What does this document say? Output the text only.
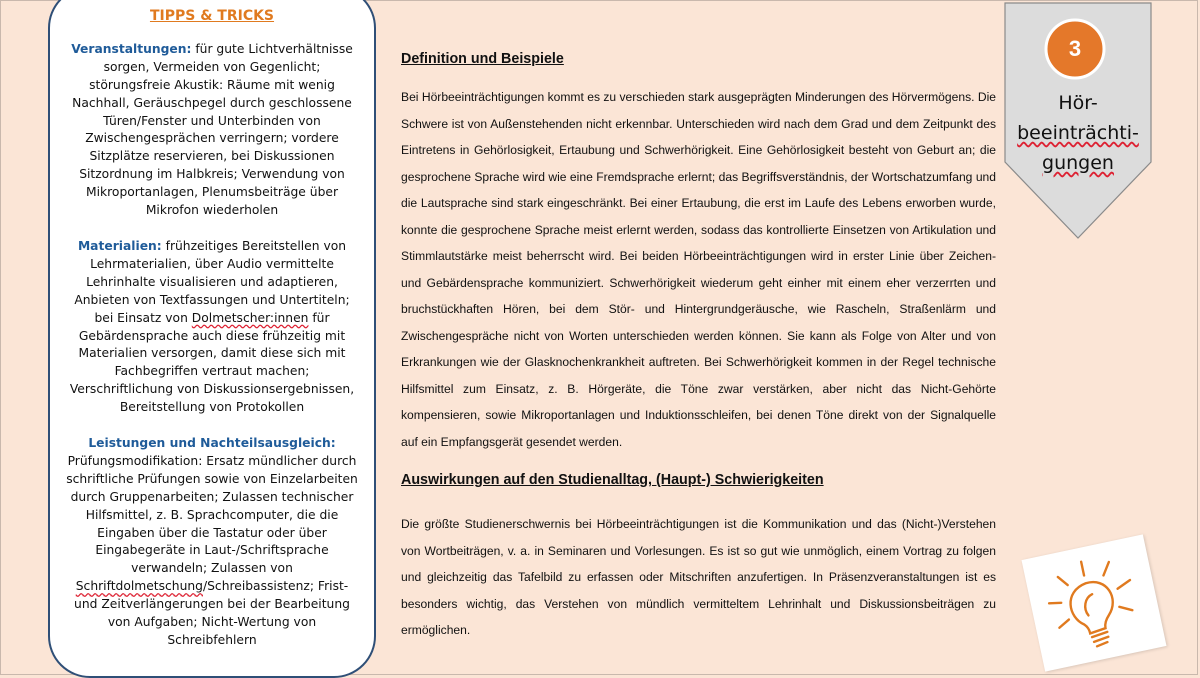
TIPPS & TRICKS

Veranstaltungen: für gute Lichtverhältnisse sorgen, Vermeiden von Gegenlicht; störungsfreie Akustik: Räume mit wenig Nachhall, Geräuschpegel durch geschlossene Türen/Fenster und Unterbinden von Zwischengesprächen verringern; vordere Sitzplätze reservieren, bei Diskussionen Sitzordnung im Halbkreis; Verwendung von Mikroportanlagen, Plenumsbeiträge über Mikrofon wiederholen

Materialien: frühzeitiges Bereitstellen von Lehrmaterialien, über Audio vermittelte Lehrinhalte visualisieren und adaptieren, Anbieten von Textfassungen und Untertiteln; bei Einsatz von Dolmetscher:innen für Gebärdensprache auch diese frühzeitig mit Materialien versorgen, damit diese sich mit Fachbegriffen vertraut machen; Verschriftlichung von Diskussionsergebnissen, Bereitstellung von Protokollen

Leistungen und Nachteilsausgleich:
Prüfungsmodifikation: Ersatz mündlicher durch schriftliche Prüfungen sowie von Einzelarbeiten durch Gruppenarbeiten; Zulassen technischer Hilfsmittel, z. B. Sprachcomputer, die die Eingaben über die Tastatur oder über Eingabegeräte in Laut-/Schriftsprache verwandeln; Zulassen von Schriftdolmetschung/Schreibassistenz; Frist- und Zeitverlängerungen bei der Bearbeitung von Aufgaben; Nicht-Wertung von Schreibfehlern

Definition und Beispiele

Bei Hörbeeinträchtigungen kommt es zu verschieden stark ausgeprägten Minderungen des Hörvermögens. Die Schwere ist von Außenstehenden nicht erkennbar. Unterschieden wird nach dem Grad und dem Zeitpunkt des Eintretens in Gehörlosigkeit, Ertaubung und Schwerhörigkeit. Eine Gehörlosigkeit besteht von Geburt an; die gesprochene Sprache wird wie eine Fremdsprache erlernt; das Begriffsverständnis, der Wortschatzumfang und die Lautsprache sind stark eingeschränkt. Bei einer Ertaubung, die erst im Laufe des Lebens erworben wurde, konnte die gesprochene Sprache meist erlernt werden, sodass das kontrollierte Einsetzen von Artikulation und Stimmlautstärke meist beherrscht wird. Bei beiden Hörbeeinträchtigungen wird in erster Linie über Zeichen- und Gebärdensprache kommuniziert. Schwerhörigkeit wiederum geht einher mit einem eher verzerrten und bruchstückhaften Hören, bei dem Stör- und Hintergrundgeräusche, wie Rascheln, Straßenlärm und Zwischengespräche nicht von Worten unterschieden werden können. Sie kann als Folge von Alter und von Erkrankungen wie der Glasknochenkrankheit auftreten. Bei Schwerhörigkeit kommen in der Regel technische Hilfsmittel zum Einsatz, z. B. Hörgeräte, die Töne zwar verstärken, aber nicht das Nicht-Gehörte kompensieren, sowie Mikroportanlagen und Induktionsschleifen, bei denen Töne direkt von der Signalquelle auf ein Empfangsgerät gesendet werden.

Auswirkungen auf den Studienalltag, (Haupt-) Schwierigkeiten

Die größte Studienerschwernis bei Hörbeeinträchtigungen ist die Kommunikation und das (Nicht-)Verstehen von Wortbeiträgen, v. a. in Seminaren und Vorlesungen. Es ist so gut wie unmöglich, einem Vortrag zu folgen und gleichzeitig das Tafelbild zu erfassen oder Mitschriften anzufertigen. In Präsenzveranstaltungen ist es besonders wichtig, das Verstehen von mündlich vermitteltem Lehrinhalt und Diskussionsbeiträgen zu ermöglichen.

3
Hör-
beeinträchti-
gungen
